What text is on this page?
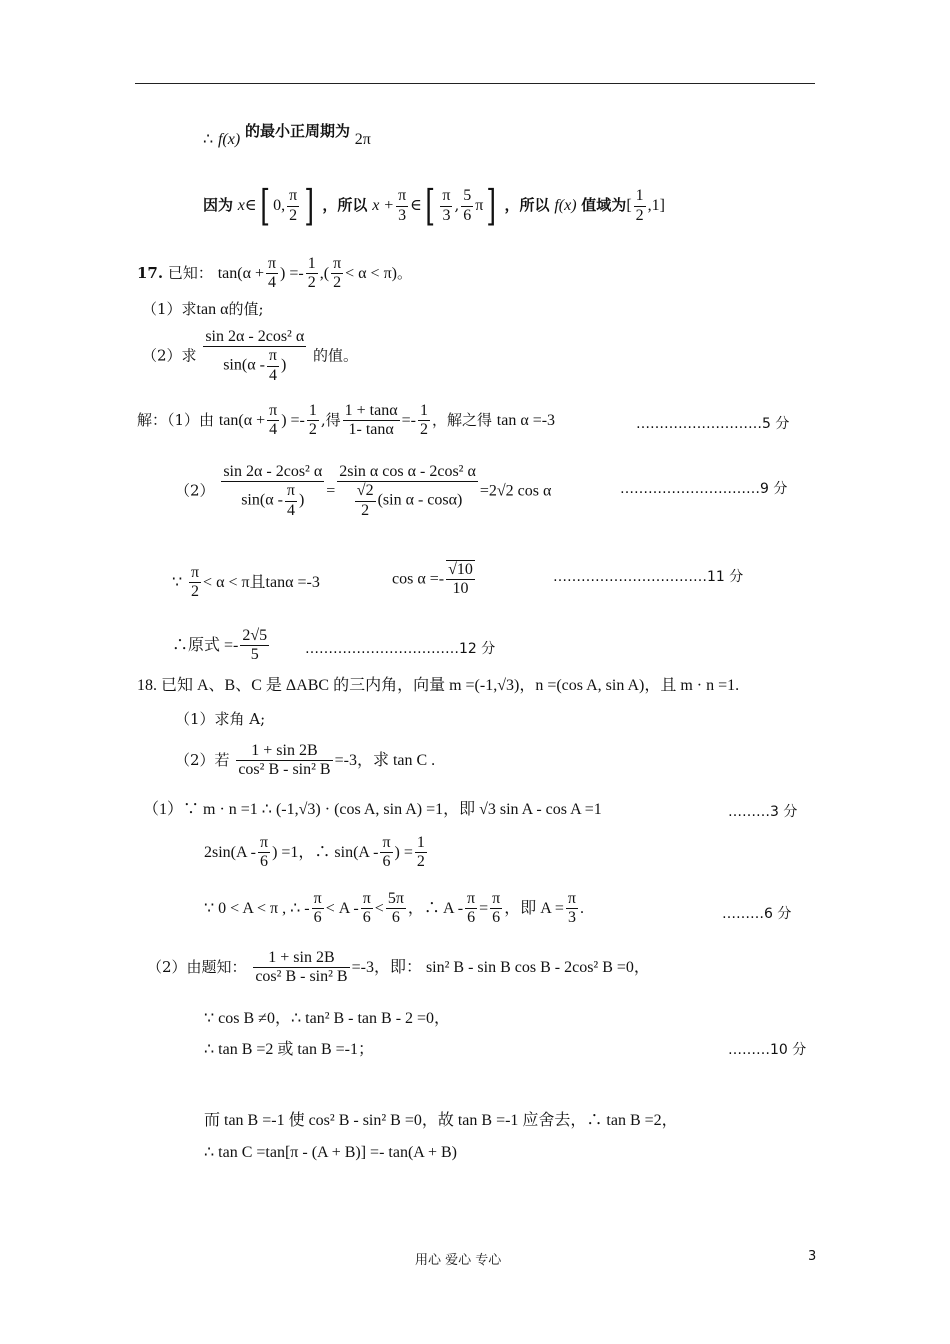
∴ f(x) 的最小正周期为 2π
因为 x∈[ 0, $\frac{\pi}{2}$ ] ，所以 $x + \frac{\pi}{3}$ ∈[ $\frac{\pi}{3}$ , $\frac{5}{6} \pi$] ，所以 f(x) 值域为[ $\frac{1}{2} ,1$]
17. 已知： $\tan(\alpha + \frac{\pi}{4}$ ) =- $\frac{1}{2}$ ,( $\frac{\pi}{2} < \alpha < \pi$)。
（1）求tan α的值;
（2）求 $\frac{\text{sin 2α - 2cos² α}}{\sin(\alpha - \frac{\pi}{4} )}$ 的值。
解：（1）由 $\tan(\alpha + \frac{\pi}{4}$ ) =- $\frac{1}{2}$ ,得 $\frac{1 + \tan\alpha}{1- \tan\alpha} =- \frac{1}{2}$ ，解之得 tan α =-3	………………………5 分
$(2) \frac{\text{sin 2α - 2cos² α}}{\sin(\alpha - \frac{\pi}{4} )} = \frac{\text{2sin α cos α - 2cos² α}}{\frac{√2}{2} (\sin \alpha - \cos\alpha)} =2√2$ cos α	…………………………9 分
∵ $\frac{\pi}{2} < \alpha < \pi$且tanα =-3	$\cos \alpha =- \frac{√10}{10}$	……………………………11 分
∴原式 =- $\frac{2√5}{5}$	……………………………12 分
18. 已知 A、B、C 是 ΔABC 的三内角，向量 m =(-1,√3)，n =(cos A, sin A)，且 m · n =1.
（1）求角 A;
（2）若 $\frac{1 + \sin 2B}{\text{cos² B - sin² B}} =-3$，求 tan C .
（1）∵ m · n =1 ∴ (-1,√3) · (cos A, sin A) =1，即 √3 sin A - cos A =1	………3 分
$2\sin(A - \frac{\pi}{6}$ ) =1，∴ $\sin(A - \frac{\pi}{6}$ ) = $\frac{1}{2}$
∵ 0 < A < π , ∴ - $\frac{\pi}{6} < A - \frac{\pi}{6} < \frac{5\pi}{6}$ ，∴ $A - \frac{\pi}{6} = \frac{\pi}{6}$ ，即 $A = \frac{\pi}{3}$ .	………6 分
（2）由题知： $\frac{1 + \sin 2B}{\text{cos² B - sin² B}} =-3$，即： sin² B - sin B cos B - 2cos² B =0，
∵ cos B ≠0，∴ tan² B - tan B - 2 =0，
∴ tan B =2 或 tan B =-1；	………10 分
而 tan B =-1 使 cos² B - sin² B =0，故 tan B =-1 应舍去，∴ tan B =2，
∴ tan C =tan[π - (A + B)] =- tan(A + B)
用心 爱心 专心	3
